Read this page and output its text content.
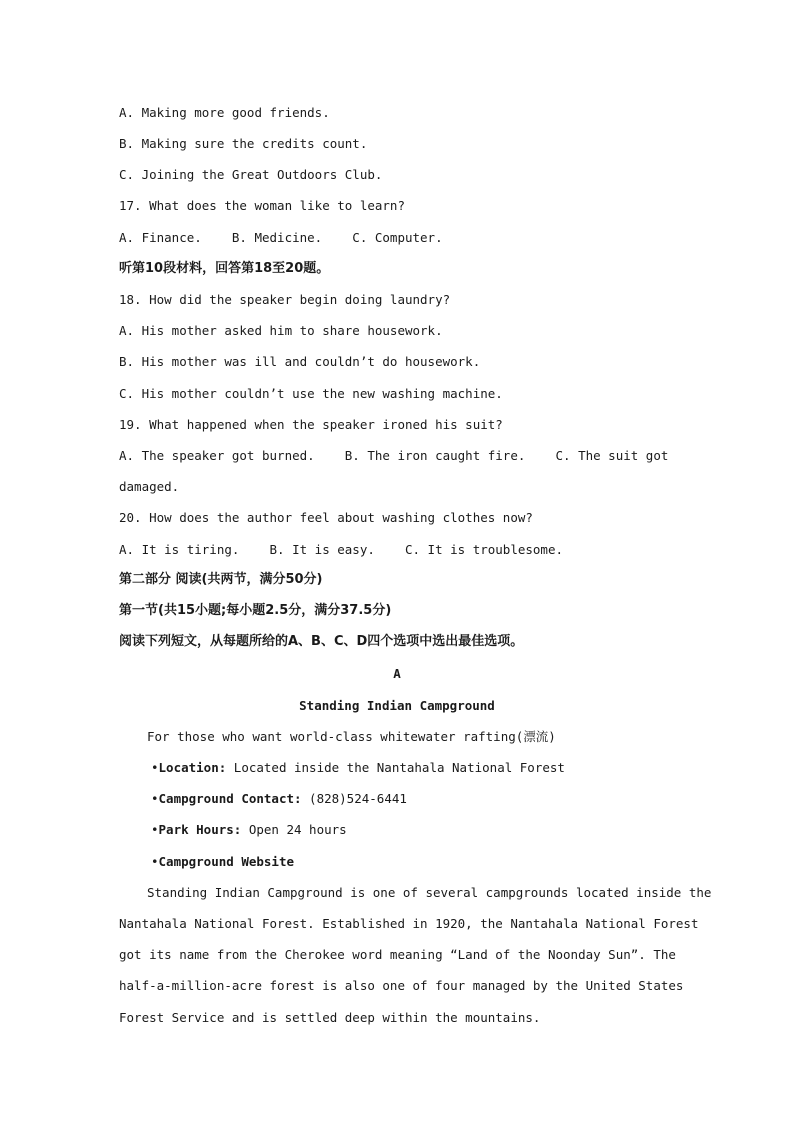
A. Making more good friends.
B. Making sure the credits count.
C. Joining the Great Outdoors Club.
17. What does the woman like to learn?
A. Finance.    B. Medicine.    C. Computer.
听第10段材料，回答第18至20题。
18. How did the speaker begin doing laundry?
A. His mother asked him to share housework.
B. His mother was ill and couldn’t do housework.
C. His mother couldn’t use the new washing machine.
19. What happened when the speaker ironed his suit?
A. The speaker got burned.    B. The iron caught fire.    C. The suit got
damaged.
20. How does the author feel about washing clothes now?
A. It is tiring.    B. It is easy.    C. It is troublesome.
第二部分 阅读(共两节，满分50分)
第一节(共15小题;每小题2.5分，满分37.5分)
阅读下列短文，从每题所给的A、B、C、D四个选项中选出最佳选项。
A
Standing Indian Campground
For those who want world-class whitewater rafting(漂流)
•Location: Located inside the Nantahala National Forest
•Campground Contact: (828)524-6441
•Park Hours: Open 24 hours
•Campground Website
Standing Indian Campground is one of several campgrounds located inside the
Nantahala National Forest. Established in 1920, the Nantahala National Forest
got its name from the Cherokee word meaning “Land of the Noonday Sun”. The
half-a-million-acre forest is also one of four managed by the United States
Forest Service and is settled deep within the mountains.
